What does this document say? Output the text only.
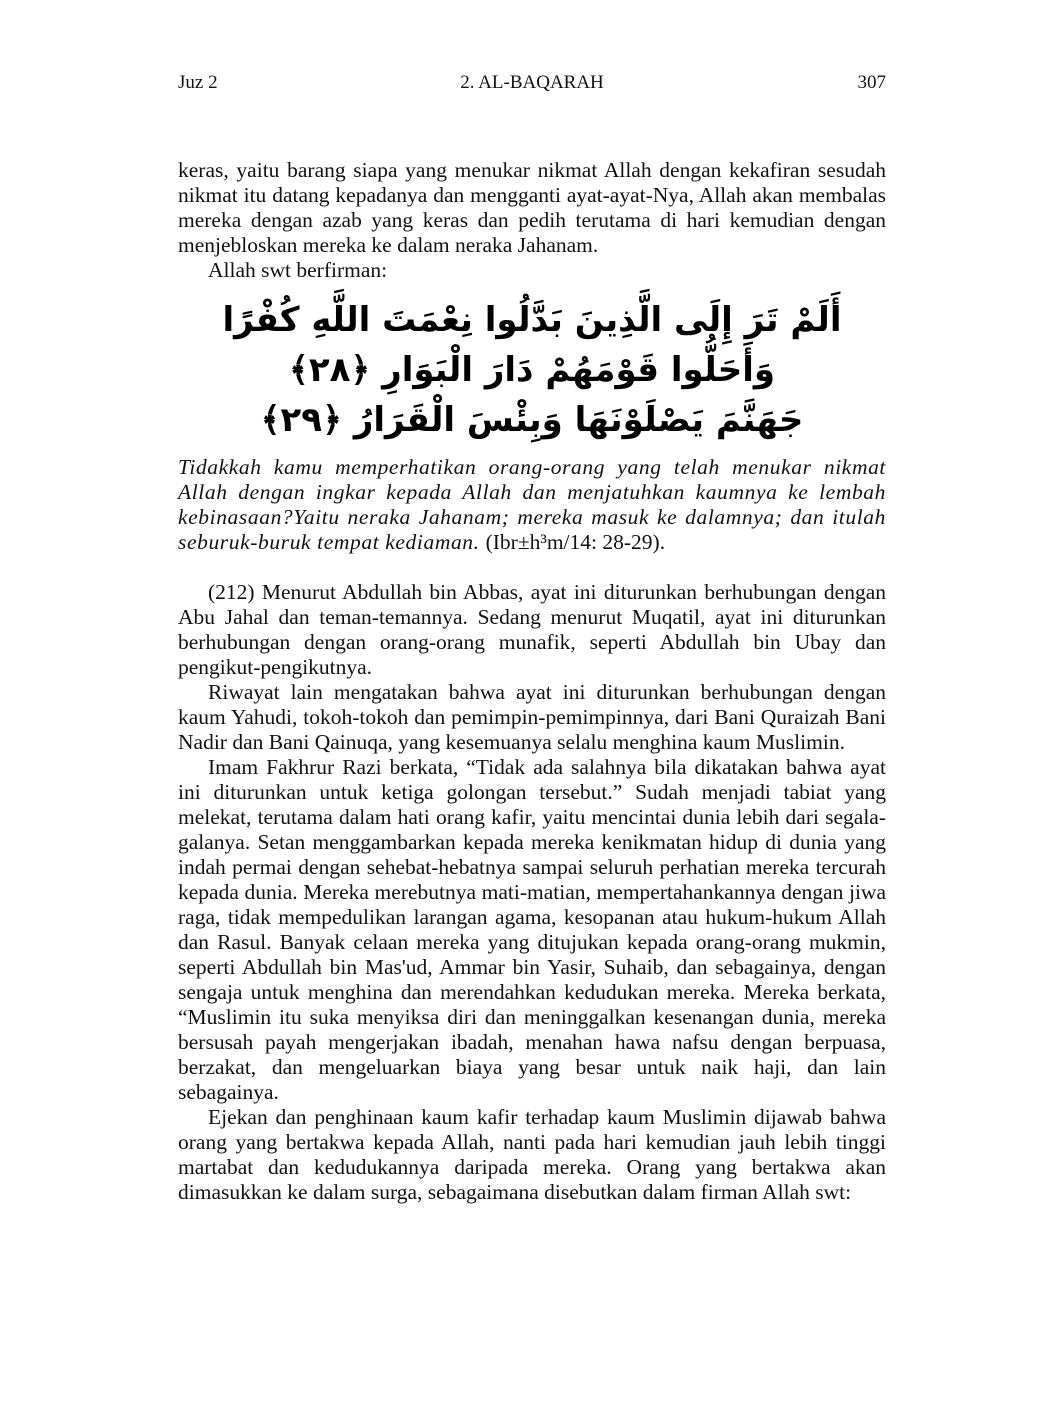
Juz 2	2. AL-BAQARAH	307

keras, yaitu barang siapa yang menukar nikmat Allah dengan kekafiran sesudah nikmat itu datang kepadanya dan mengganti ayat-ayat-Nya, Allah akan membalas mereka dengan azab yang keras dan pedih terutama di hari kemudian dengan menjebloskan mereka ke dalam neraka Jahanam.

Allah swt berfirman:

أَلَمْ تَرَ إِلَى الَّذِينَ بَدَّلُوا نِعْمَتَ اللَّهِ كُفْرًا وَأَحَلُّوا قَوْمَهُمْ دَارَ الْبَوَارِ ﴿٢٨﴾
جَهَنَّمَ يَصْلَوْنَهَا وَبِئْسَ الْقَرَارُ ﴿٢٩﴾

Tidakkah kamu memperhatikan orang-orang yang telah menukar nikmat Allah dengan ingkar kepada Allah dan menjatuhkan kaumnya ke lembah kebinasaan?Yaitu neraka Jahanam; mereka masuk ke dalamnya; dan itulah seburuk-buruk tempat kediaman. (Ibr±h³m/14: 28-29).

(212) Menurut Abdullah bin Abbas, ayat ini diturunkan berhubungan dengan Abu Jahal dan teman-temannya. Sedang menurut Muqatil, ayat ini diturunkan berhubungan dengan orang-orang munafik, seperti Abdullah bin Ubay dan pengikut-pengikutnya.

Riwayat lain mengatakan bahwa ayat ini diturunkan berhubungan dengan kaum Yahudi, tokoh-tokoh dan pemimpin-pemimpinnya, dari Bani Quraizah Bani Nadir dan Bani Qainuqa, yang kesemuanya selalu menghina kaum Muslimin.

Imam Fakhrur Razi berkata, “Tidak ada salahnya bila dikatakan bahwa ayat ini diturunkan untuk ketiga golongan tersebut.” Sudah menjadi tabiat yang melekat, terutama dalam hati orang kafir, yaitu mencintai dunia lebih dari segala-galanya. Setan menggambarkan kepada mereka kenikmatan hidup di dunia yang indah permai dengan sehebat-hebatnya sampai seluruh perhatian mereka tercurah kepada dunia. Mereka merebutnya mati-matian, mempertahankannya dengan jiwa raga, tidak mempedulikan larangan agama, kesopanan atau hukum-hukum Allah dan Rasul. Banyak celaan mereka yang ditujukan kepada orang-orang mukmin, seperti Abdullah bin Mas'ud, Ammar bin Yasir, Suhaib, dan sebagainya, dengan sengaja untuk menghina dan merendahkan kedudukan mereka. Mereka berkata, “Muslimin itu suka menyiksa diri dan meninggalkan kesenangan dunia, mereka bersusah payah mengerjakan ibadah, menahan hawa nafsu dengan berpuasa, berzakat, dan mengeluarkan biaya yang besar untuk naik haji, dan lain sebagainya.

Ejekan dan penghinaan kaum kafir terhadap kaum Muslimin dijawab bahwa orang yang bertakwa kepada Allah, nanti pada hari kemudian jauh lebih tinggi martabat dan kedudukannya daripada mereka. Orang yang bertakwa akan dimasukkan ke dalam surga, sebagaimana disebutkan dalam firman Allah swt:
